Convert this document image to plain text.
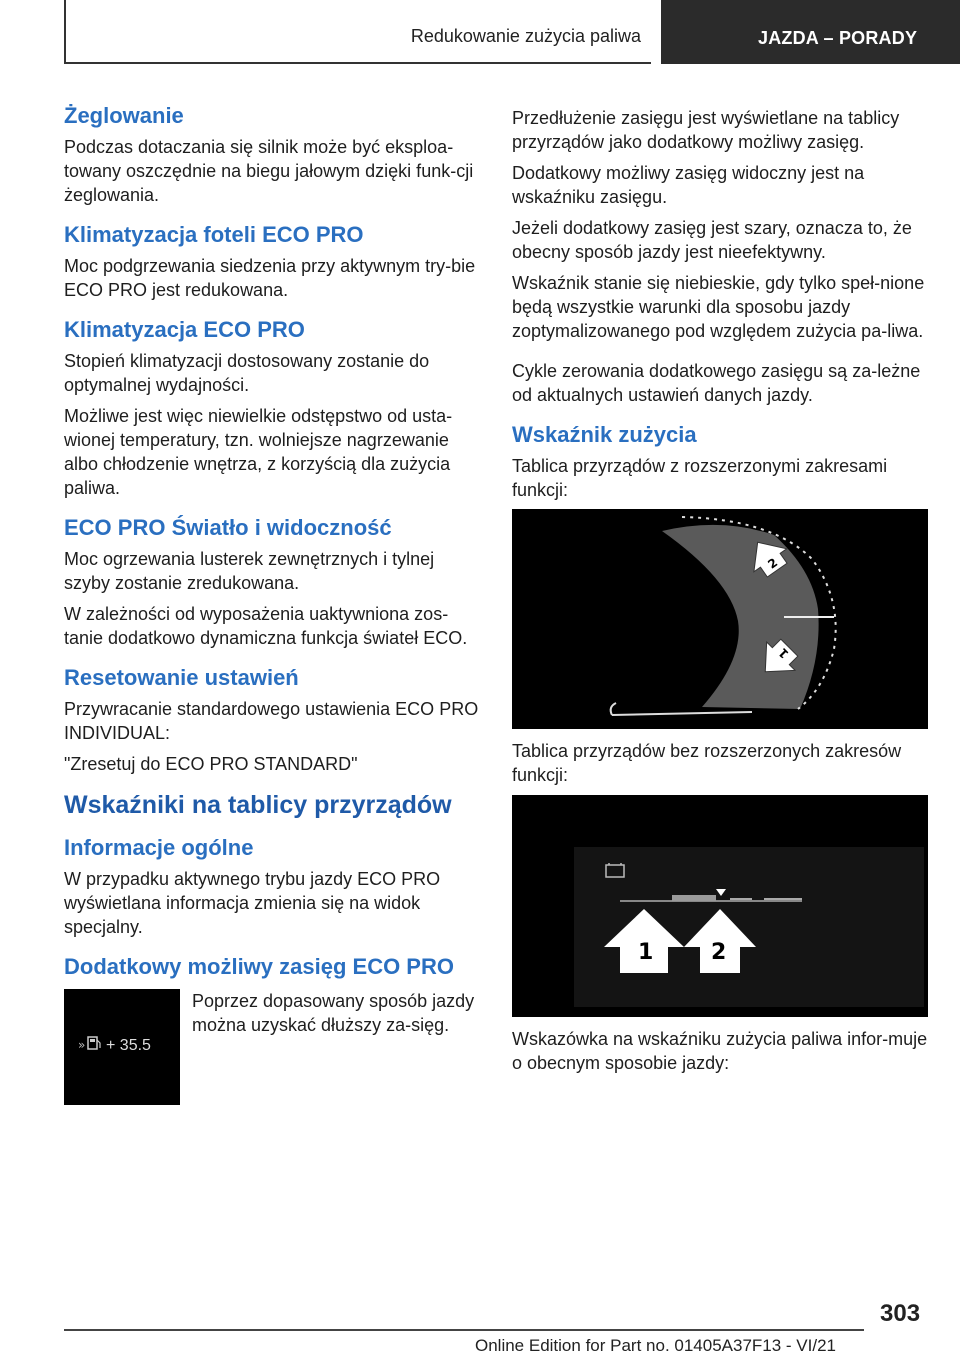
Redukowanie zużycia paliwa	JAZDA – PORADY
Żeglowanie

Podczas dotaczania się silnik może być eksploa-towany oszczędnie na biegu jałowym dzięki funk-cji żeglowania.

Klimatyzacja foteli ECO PRO

Moc podgrzewania siedzenia przy aktywnym try-bie ECO PRO jest redukowana.

Klimatyzacja ECO PRO

Stopień klimatyzacji dostosowany zostanie do optymalnej wydajności.

Możliwe jest więc niewielkie odstępstwo od usta-wionej temperatury, tzn. wolniejsze nagrzewanie albo chłodzenie wnętrza, z korzyścią dla zużycia paliwa.

ECO PRO Światło i widoczność

Moc ogrzewania lusterek zewnętrznych i tylnej szyby zostanie zredukowana.

W zależności od wyposażenia uaktywniona zos-tanie dodatkowo dynamiczna funkcja świateł ECO.

Resetowanie ustawień

Przywracanie standardowego ustawienia ECO PRO INDIVIDUAL:

"Zresetuj do ECO PRO STANDARD"

Wskaźniki na tablicy przyrządów
Informacje ogólne

W przypadku aktywnego trybu jazdy ECO PRO wyświetlana informacja zmienia się na widok specjalny.

Dodatkowy możliwy zasięg ECO PRO
» + 35.5

Poprzez dopasowany sposób jazdy można uzyskać dłuższy za-sięg.

Przedłużenie zasięgu jest wyświetlane na tablicy przyrządów jako dodatkowy możliwy zasięg.

Dodatkowy możliwy zasięg widoczny jest na wskaźniku zasięgu.

Jeżeli dodatkowy zasięg jest szary, oznacza to, że obecny sposób jazdy jest nieefektywny.

Wskaźnik stanie się niebieskie, gdy tylko speł-nione będą wszystkie warunki dla sposobu jazdy zoptymalizowanego pod względem zużycia pa-liwa.

Cykle zerowania dodatkowego zasięgu są za-leżne od aktualnych ustawień danych jazdy.

Wskaźnik zużycia

Tablica przyrządów z rozszerzonymi zakresami funkcji:

2
1

Tablica przyrządów bez rozszerzonych zakresów funkcji:

1	2

Wskazówka na wskaźniku zużycia paliwa infor-muje o obecnym sposobie jazdy:

303
Online Edition for Part no. 01405A37F13 - VI/21
